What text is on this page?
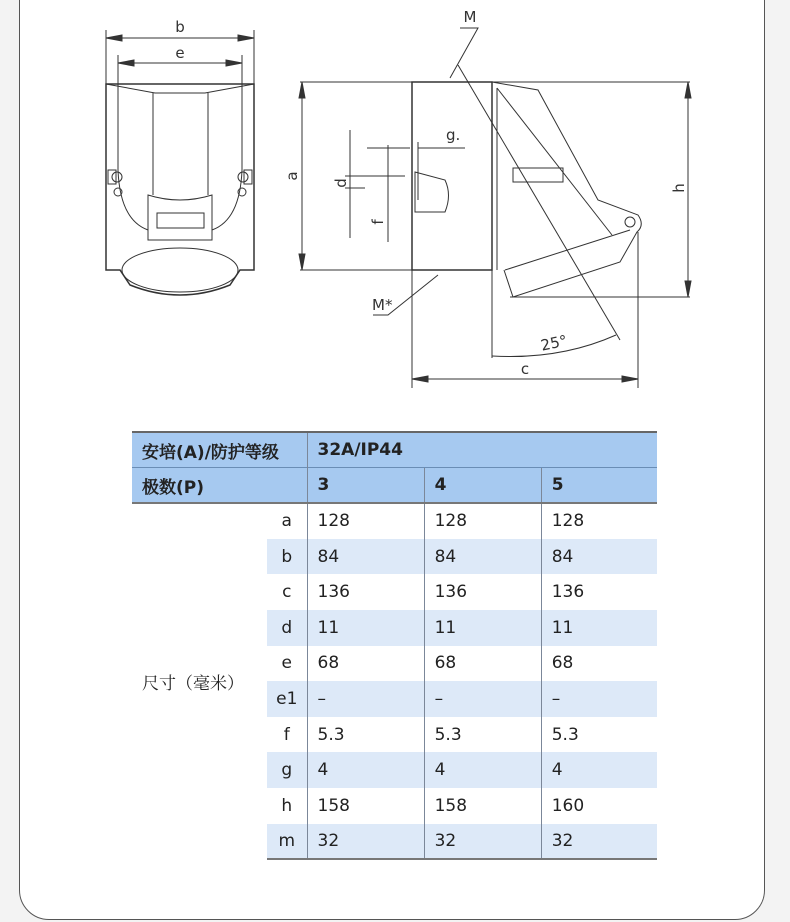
b
e
M
g.
a
d
f
h
M*
25°
c
安培(A)/防护等级		32A/IP44		
极数(P)		3	4	5
尺寸（毫米）	a	128	128	128
	b	84	84	84
	c	136	136	136
	d	11	11	11
	e	68	68	68
	e1	–	–	–
	f	5.3	5.3	5.3
	g	4	4	4
	h	158	158	160
	m	32	32	32
